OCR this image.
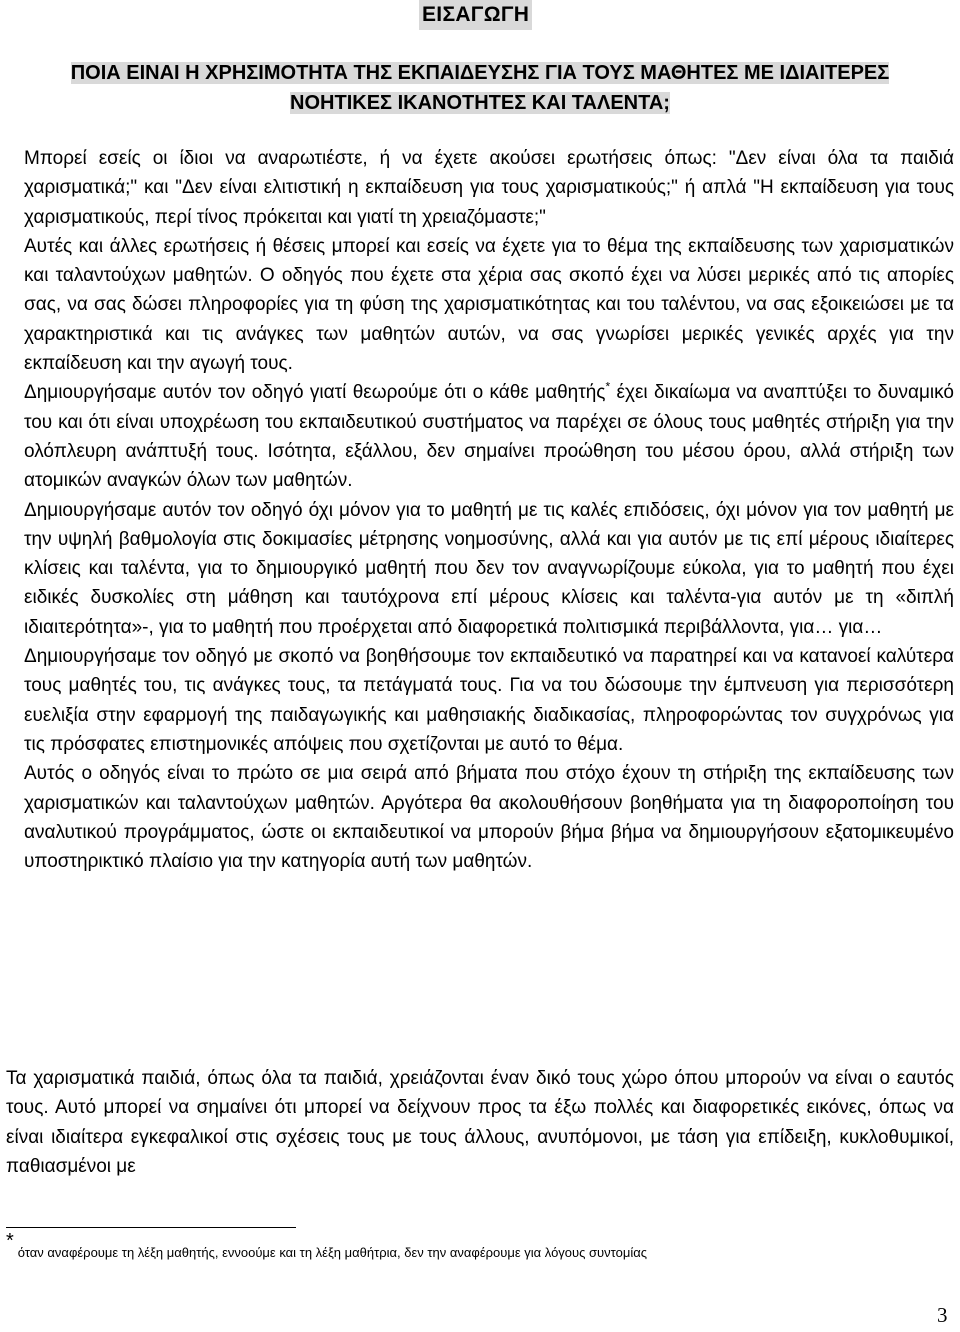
ΕΙΣΑΓΩΓΗ
ΠΟΙΑ ΕΙΝΑΙ Η ΧΡΗΣΙΜΟΤΗΤΑ ΤΗΣ ΕΚΠΑΙΔΕΥΣΗΣ ΓΙΑ ΤΟΥΣ ΜΑΘΗΤΕΣ ΜΕ ΙΔΙΑΙΤΕΡΕΣ ΝΟΗΤΙΚΕΣ ΙΚΑΝΟΤΗΤΕΣ ΚΑΙ ΤΑΛΕΝΤΑ;

Μπορεί εσείς οι ίδιοι να αναρωτιέστε, ή να έχετε ακούσει ερωτήσεις όπως: "Δεν είναι όλα τα παιδιά χαρισματικά;" και "Δεν είναι ελιτιστική η εκπαίδευση για τους χαρισματικούς;" ή απλά "Η εκπαίδευση για τους χαρισματικούς, περί τίνος πρόκειται και γιατί τη χρειαζόμαστε;"

Αυτές και άλλες ερωτήσεις ή θέσεις μπορεί και εσείς να έχετε για το θέμα της εκπαίδευσης των χαρισματικών και ταλαντούχων μαθητών. Ο οδηγός που έχετε στα χέρια σας σκοπό έχει να λύσει μερικές από τις απορίες σας, να σας δώσει πληροφορίες για τη φύση της χαρισματικότητας και του ταλέντου, να σας εξοικειώσει με τα χαρακτηριστικά και τις ανάγκες των μαθητών αυτών, να σας γνωρίσει μερικές γενικές αρχές για την εκπαίδευση και την αγωγή τους.

Δημιουργήσαμε αυτόν τον οδηγό γιατί θεωρούμε ότι ο κάθε μαθητής* έχει δικαίωμα να αναπτύξει το δυναμικό του και ότι είναι υποχρέωση του εκπαιδευτικού συστήματος να παρέχει σε όλους τους μαθητές στήριξη για την ολόπλευρη ανάπτυξή τους. Ισότητα, εξάλλου, δεν σημαίνει προώθηση του μέσου όρου, αλλά στήριξη των ατομικών αναγκών όλων των μαθητών.

Δημιουργήσαμε αυτόν τον οδηγό όχι μόνον για το μαθητή με τις καλές επιδόσεις, όχι μόνον για τον μαθητή με την υψηλή βαθμολογία στις δοκιμασίες μέτρησης νοημοσύνης, αλλά και για αυτόν με τις επί μέρους ιδιαίτερες κλίσεις και ταλέντα, για το δημιουργικό μαθητή που δεν τον αναγνωρίζουμε εύκολα, για το μαθητή που έχει ειδικές δυσκολίες στη μάθηση και ταυτόχρονα επί μέρους κλίσεις και ταλέντα-για αυτόν με τη «διπλή ιδιαιτερότητα»-, για το μαθητή που προέρχεται από διαφορετικά πολιτισμικά περιβάλλοντα, για… για…

Δημιουργήσαμε τον οδηγό με σκοπό να βοηθήσουμε τον εκπαιδευτικό να παρατηρεί και να κατανοεί καλύτερα τους μαθητές του, τις ανάγκες τους, τα πετάγματά τους. Για να του δώσουμε την έμπνευση για περισσότερη ευελιξία στην εφαρμογή της παιδαγωγικής και μαθησιακής διαδικασίας, πληροφορώντας τον συγχρόνως για τις πρόσφατες επιστημονικές απόψεις που σχετίζονται με αυτό το θέμα.

Αυτός ο οδηγός είναι το πρώτο σε μια σειρά από βήματα που στόχο έχουν τη στήριξη της εκπαίδευσης των χαρισματικών και ταλαντούχων μαθητών. Αργότερα θα ακολουθήσουν βοηθήματα για τη διαφοροποίηση του αναλυτικού προγράμματος, ώστε οι εκπαιδευτικοί να μπορούν βήμα βήμα να δημιουργήσουν εξατομικευμένο υποστηρικτικό πλαίσιο για την κατηγορία αυτή των μαθητών.

Τα χαρισματικά παιδιά, όπως όλα τα παιδιά, χρειάζονται έναν δικό τους χώρο όπου μπορούν να είναι ο εαυτός τους. Αυτό μπορεί να σημαίνει ότι μπορεί να δείχνουν προς τα έξω πολλές και διαφορετικές εικόνες, όπως να είναι ιδιαίτερα εγκεφαλικοί στις σχέσεις τους με τους άλλους, ανυπόμονοι, με τάση για επίδειξη, κυκλοθυμικοί, παθιασμένοι με

*όταν αναφέρουμε τη λέξη μαθητής, εννοούμε και τη λέξη μαθήτρια, δεν την αναφέρουμε για λόγους συντομίας
3
